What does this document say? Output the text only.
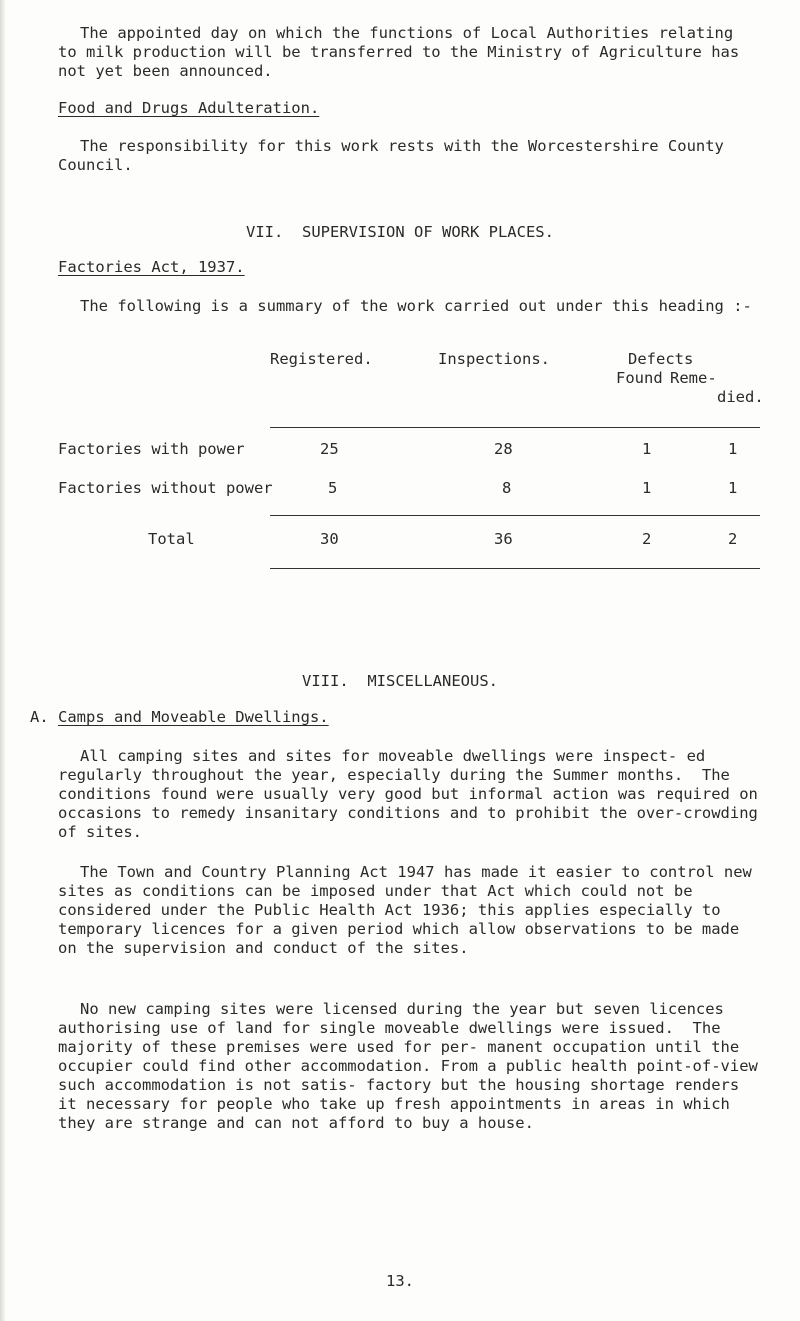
The appointed day on which the functions of Local Authorities relating to milk production will be transferred to the Ministry of Agriculture has not yet been announced.

Food and Drugs Adulteration.

The responsibility for this work rests with the Worcestershire County Council.

VII.  SUPERVISION OF WORK PLACES.

Factories Act, 1937.

The following is a summary of the work carried out under this heading :-

Registered.	Inspections.	Defects
Found Reme-
died.
Factories with power	25	28	1	1
Factories without power	5	8	1	1
Total	30	36	2	2

VIII.  MISCELLANEOUS.

A. Camps and Moveable Dwellings.

All camping sites and sites for moveable dwellings were inspect- ed regularly throughout the year, especially during the Summer months.  The conditions found were usually very good but informal action was required on occasions to remedy insanitary conditions and to prohibit the over-crowding of sites.

The Town and Country Planning Act 1947 has made it easier to control new sites as conditions can be imposed under that Act which could not be considered under the Public Health Act 1936; this applies especially to temporary licences for a given period which allow observations to be made on the supervision and conduct of the sites.

No new camping sites were licensed during the year but seven licences authorising use of land for single moveable dwellings were issued.  The majority of these premises were used for per- manent occupation until the occupier could find other accommodation. From a public health point-of-view such accommodation is not satis- factory but the housing shortage renders it necessary for people who take up fresh appointments in areas in which they are strange and can not afford to buy a house.

13.
